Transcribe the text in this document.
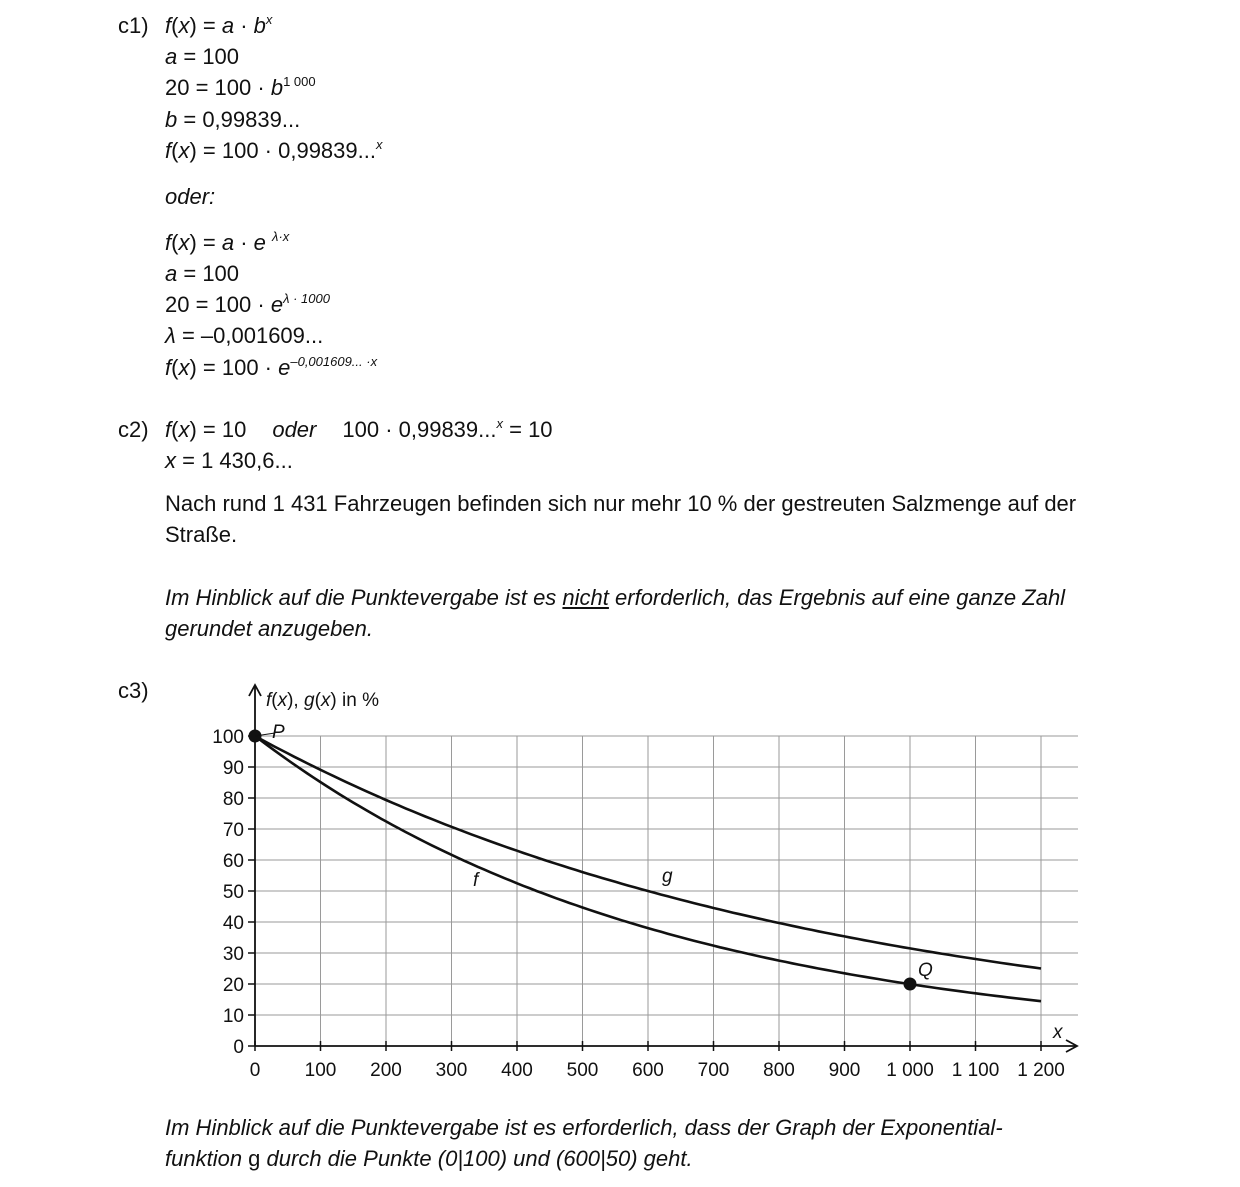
c1) $f(x) = a \cdot b^x$
a = 100
$20 = 100 \cdot b^{1 000}$
b = 0,99839...
f(x) = 100 · 0,99839...$^x$
oder:
f(x) = a · e $^{\lambda\cdot x}$
a = 100
$20 = 100 \cdot e^{\lambda \cdot 1000}$
λ = –0,001609...
$f(x) = 100 \cdot e^{-0,001609... \cdot x}$
c2) f(x) = 10 oder 100 · 0,99839...$^x$ = 10
x = 1 430,6...
Nach rund 1 431 Fahrzeugen befinden sich nur mehr 10 % der gestreuten Salzmenge auf der Straße.
Im Hinblick auf die Punktevergabe ist es nicht erforderlich, das Ergebnis auf eine ganze Zahl gerundet anzugeben.
c3)
0 100 200 300 400 500 600 700 800 900 1 000 1 100 1 200
0
10
20
30
40
50
60
70
80
90
100
f(x), g(x) in %
x
f	g
P
Q
Im Hinblick auf die Punktevergabe ist es erforderlich, dass der Graph der Exponential-
funktion g durch die Punkte (0|100) und (600|50) geht.
